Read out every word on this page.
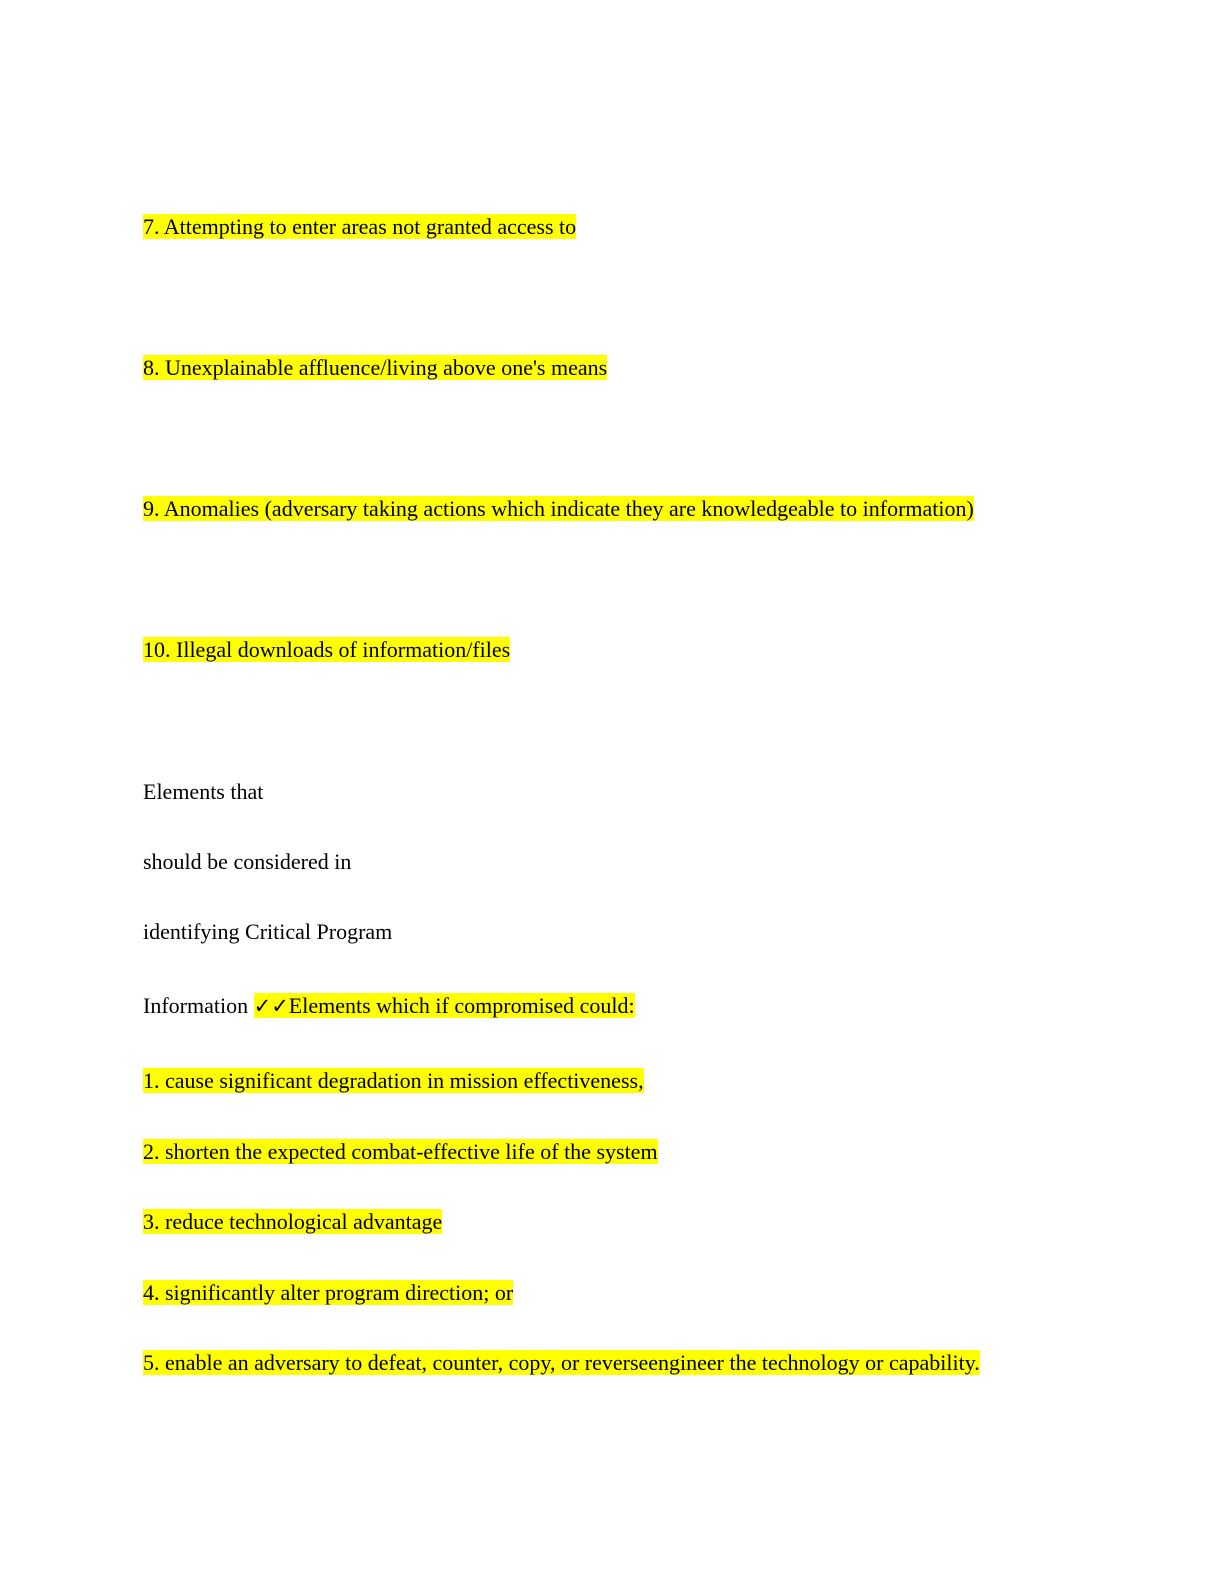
7. Attempting to enter areas not granted access to
8. Unexplainable affluence/living above one's means
9. Anomalies (adversary taking actions which indicate they are knowledgeable to information)
10. Illegal downloads of information/files
Elements that
should be considered in
identifying Critical Program
Information ✓✓Elements which if compromised could:
1. cause significant degradation in mission effectiveness,
2. shorten the expected combat-effective life of the system
3. reduce technological advantage
4. significantly alter program direction; or
5. enable an adversary to defeat, counter, copy, or reverseengineer the technology or capability.
